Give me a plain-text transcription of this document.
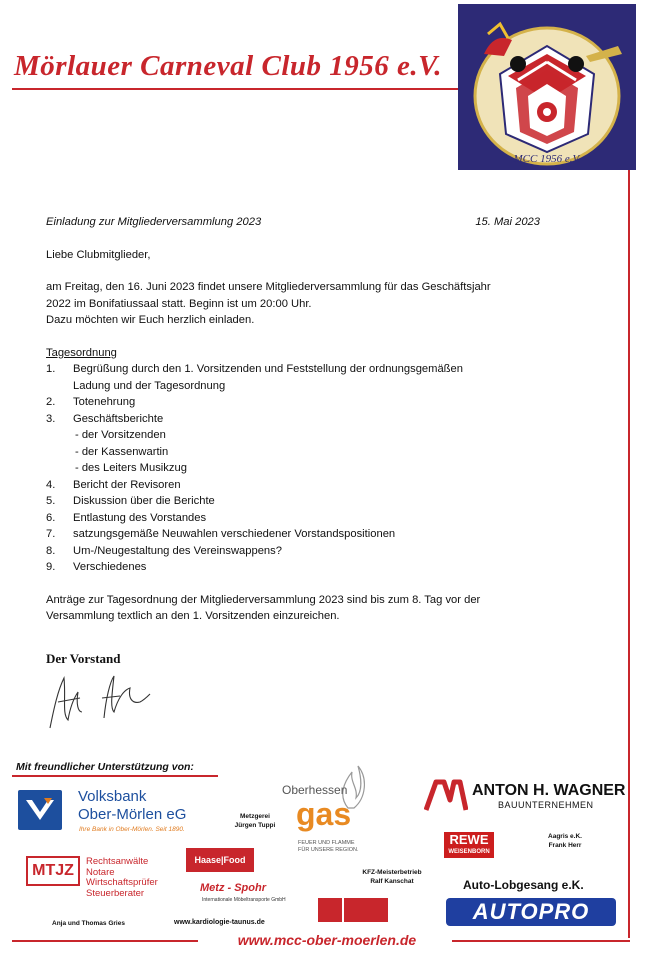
Mörlauer Carneval Club 1956 e.V.
MCC 1956 e.V.
Einladung zur Mitgliederversammlung 2023	15. Mai 2023
Liebe Clubmitglieder,
am Freitag, den 16. Juni 2023 findet unsere Mitgliederversammlung für das Geschäftsjahr
2022 im Bonifatiussaal statt. Beginn ist um 20:00 Uhr.
Dazu möchten wir Euch herzlich einladen.
Tagesordnung
1.	Begrüßung durch den 1. Vorsitzenden und Feststellung der ordnungsgemäßen
Ladung und der Tagesordnung
2.	Totenehrung
3.	Geschäftsberichte
- der Vorsitzenden
- der Kassenwartin
- des Leiters Musikzug
4.	Bericht der Revisoren
5.	Diskussion über die Berichte
6.	Entlastung des Vorstandes
7.	satzungsgemäße Neuwahlen verschiedener Vorstandspositionen
8.	Um-/Neugestaltung des Vereinswappens?
9.	Verschiedenes
Anträge zur Tagesordnung der Mitgliederversammlung 2023 sind bis zum 8. Tag vor der
Versammlung textlich an den 1. Vorsitzenden einzureichen.
Der Vorstand
Mit freundlicher Unterstützung von:
Volksbank
Ober-Mörlen eG
Ihre Bank in Ober-Mörlen. Seit 1890.
Metzgerei
Jürgen Tuppi
Oberhessen
gas
FEUER UND FLAMME
FÜR UNSERE REGION.
ANTON H. WAGNER
BAUUNTERNEHMEN
REWE
WEISENBORN
Aagris e.K.
Frank Herr
MTJZ
Rechtsanwälte
Notare
Wirtschaftsprüfer
Steuerberater
Haase|Food
KFZ-Meisterbetrieb
Ralf Kanschat	Auto-Lobgesang e.K.
AUTOPRO
Metz - Spohr
Internationale Möbeltransporte GmbH
Anja und Thomas Gries	www.kardiologie-taunus.de
www.mcc-ober-moerlen.de
